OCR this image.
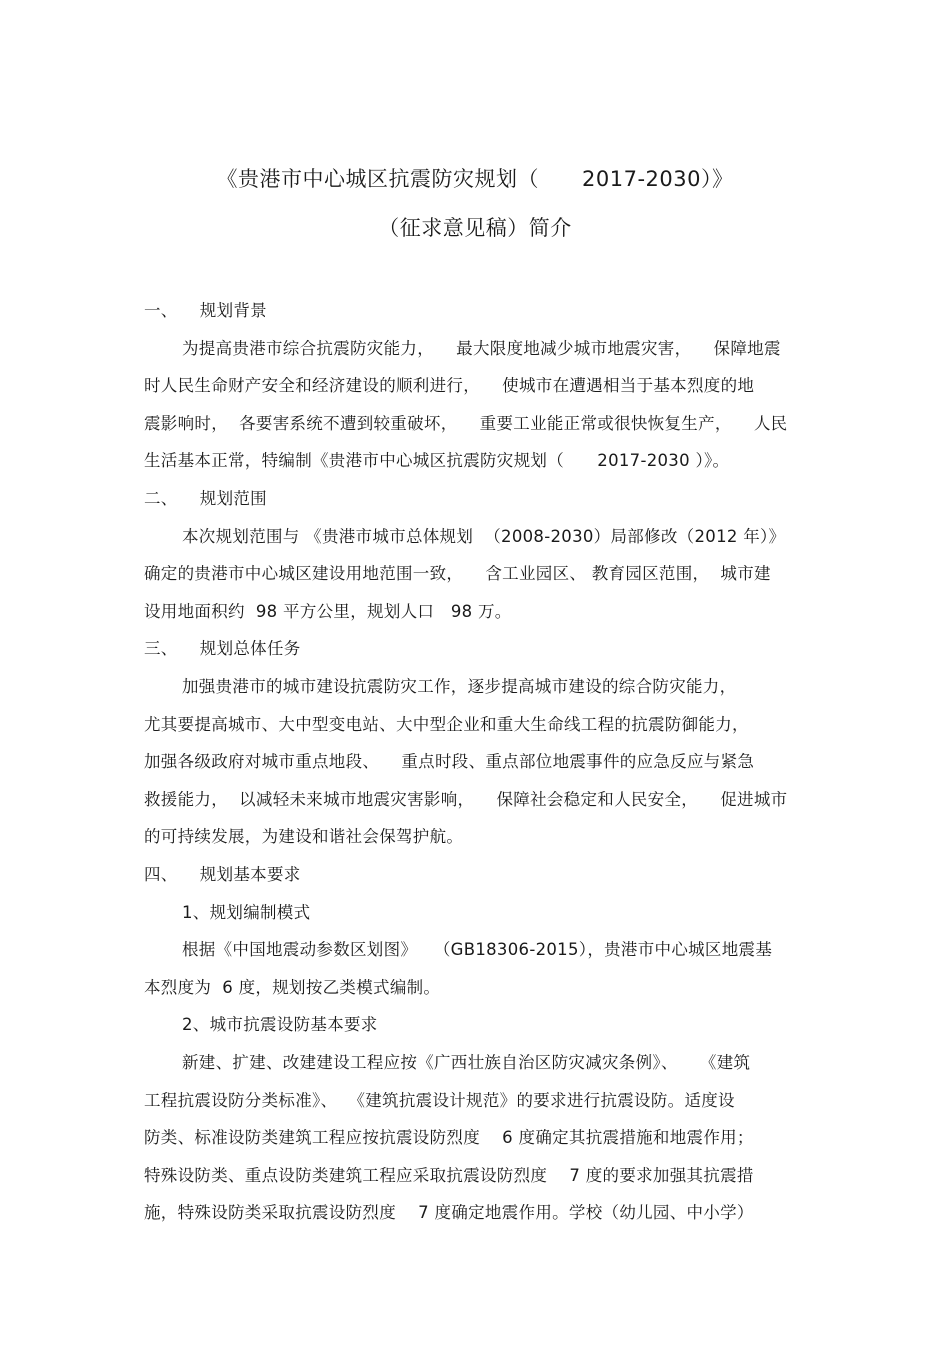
《贵港市中心城区抗震防灾规划（      2017-2030）》
（征求意见稿）简介
一、    规划背景
为提高贵港市综合抗震防灾能力，    最大限度地减少城市地震灾害，    保障地震
时人民生命财产安全和经济建设的顺利进行，    使城市在遭遇相当于基本烈度的地
震影响时，  各要害系统不遭到较重破坏，    重要工业能正常或很快恢复生产，    人民
生活基本正常，特编制《贵港市中心城区抗震防灾规划（      2017-2030 ）》。
二、    规划范围
本次规划范围与 《贵港市城市总体规划  （2008-2030）局部修改（2012 年）》
确定的贵港市中心城区建设用地范围一致，    含工业园区、 教育园区范围，  城市建
设用地面积约  98 平方公里，规划人口   98 万。
三、    规划总体任务
加强贵港市的城市建设抗震防灾工作，逐步提高城市建设的综合防灾能力，
尤其要提高城市、大中型变电站、大中型企业和重大生命线工程的抗震防御能力，
加强各级政府对城市重点地段、    重点时段、重点部位地震事件的应急反应与紧急
救援能力，  以减轻未来城市地震灾害影响，    保障社会稳定和人民安全，    促进城市
的可持续发展，为建设和谐社会保驾护航。
四、    规划基本要求
1、规划编制模式
根据《中国地震动参数区划图》   （GB18306-2015），贵港市中心城区地震基
本烈度为  6 度，规划按乙类模式编制。
2、城市抗震设防基本要求
新建、扩建、改建建设工程应按《广西壮族自治区防灾减灾条例》、    《建筑
工程抗震设防分类标准》、  《建筑抗震设计规范》的要求进行抗震设防。适度设
防类、标准设防类建筑工程应按抗震设防烈度    6 度确定其抗震措施和地震作用；
特殊设防类、重点设防类建筑工程应采取抗震设防烈度    7 度的要求加强其抗震措
施，特殊设防类采取抗震设防烈度    7 度确定地震作用。学校（幼儿园、中小学）
